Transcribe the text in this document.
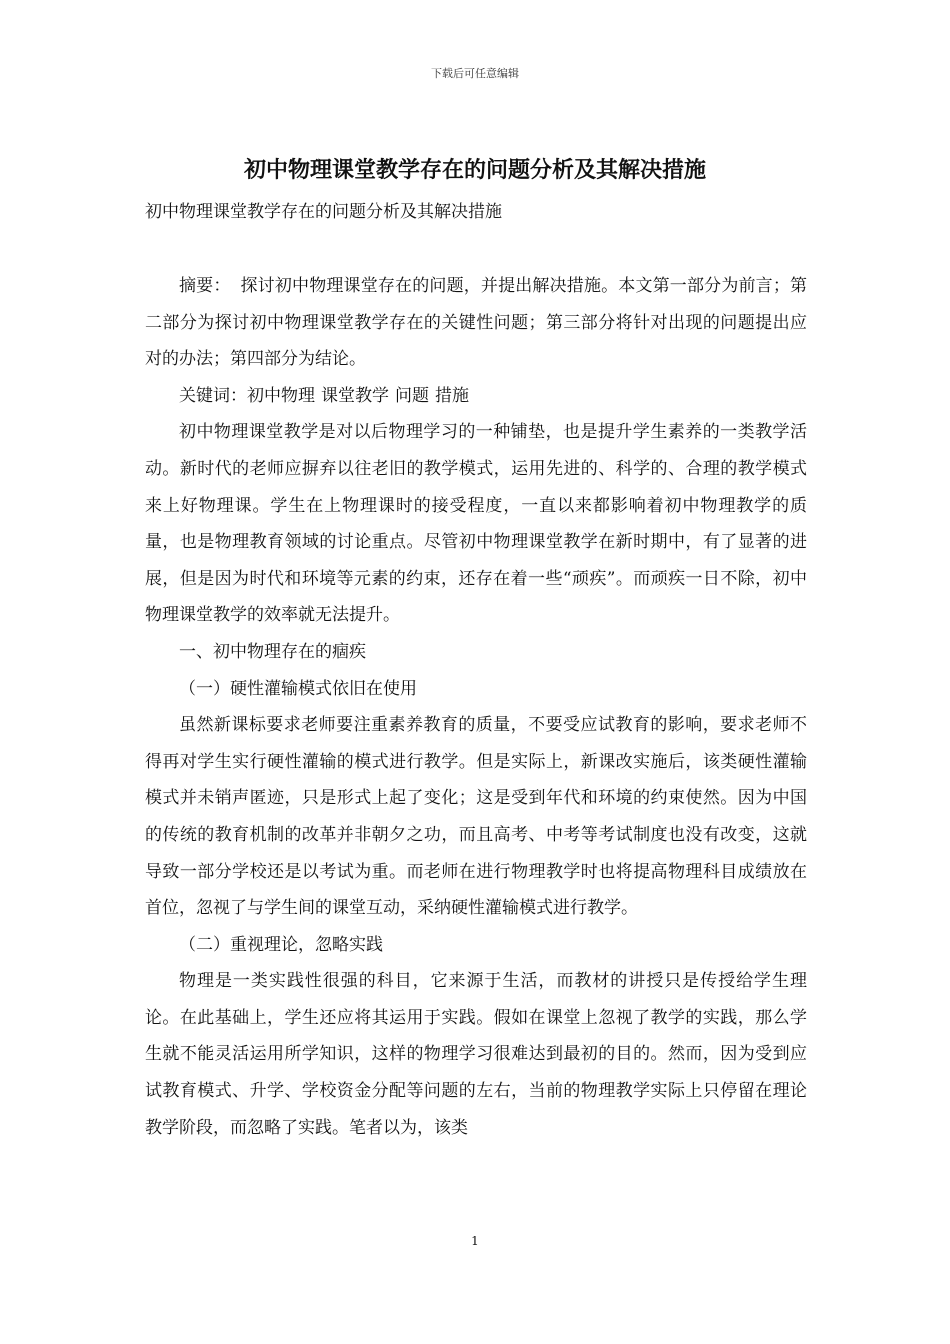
下载后可任意编辑
初中物理课堂教学存在的问题分析及其解决措施

初中物理课堂教学存在的问题分析及其解决措施

摘要： 探讨初中物理课堂存在的问题，并提出解决措施。本文第一部分为前言；第二部分为探讨初中物理课堂教学存在的关键性问题；第三部分将针对出现的问题提出应对的办法；第四部分为结论。

关键词：初中物理 课堂教学 问题 措施

初中物理课堂教学是对以后物理学习的一种铺垫，也是提升学生素养的一类教学活动。新时代的老师应摒弃以往老旧的教学模式，运用先进的、科学的、合理的教学模式来上好物理课。学生在上物理课时的接受程度，一直以来都影响着初中物理教学的质量，也是物理教育领域的讨论重点。尽管初中物理课堂教学在新时期中，有了显著的进展，但是因为时代和环境等元素的约束，还存在着一些“顽疾”。而顽疾一日不除，初中物理课堂教学的效率就无法提升。

一、初中物理存在的痼疾

（一）硬性灌输模式依旧在使用

虽然新课标要求老师要注重素养教育的质量，不要受应试教育的影响，要求老师不得再对学生实行硬性灌输的模式进行教学。但是实际上，新课改实施后，该类硬性灌输模式并未销声匿迹，只是形式上起了变化；这是受到年代和环境的约束使然。因为中国的传统的教育机制的改革并非朝夕之功，而且高考、中考等考试制度也没有改变，这就导致一部分学校还是以考试为重。而老师在进行物理教学时也将提高物理科目成绩放在首位，忽视了与学生间的课堂互动，采纳硬性灌输模式进行教学。

（二）重视理论，忽略实践

物理是一类实践性很强的科目，它来源于生活，而教材的讲授只是传授给学生理论。在此基础上，学生还应将其运用于实践。假如在课堂上忽视了教学的实践，那么学生就不能灵活运用所学知识，这样的物理学习很难达到最初的目的。然而，因为受到应试教育模式、升学、学校资金分配等问题的左右，当前的物理教学实际上只停留在理论教学阶段，而忽略了实践。笔者以为，该类

1
